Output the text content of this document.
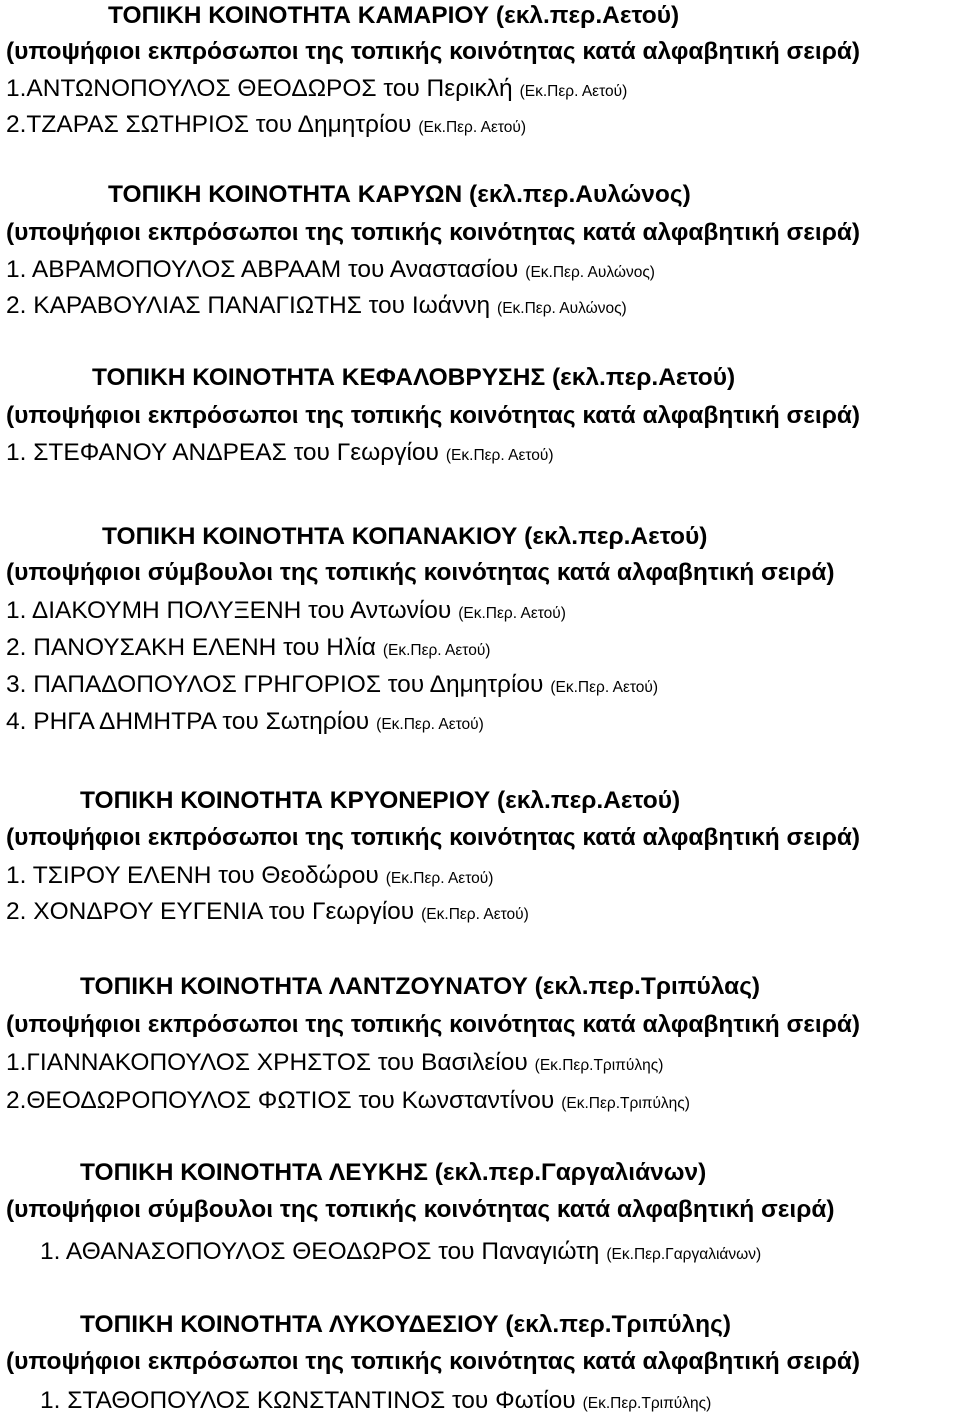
ΤΟΠΙΚΗ ΚΟΙΝΟΤΗΤΑ ΚΑΜΑΡΙΟΥ (εκλ.περ.Αετού)
(υποψήφιοι εκπρόσωποι της τοπικής κοινότητας κατά αλφαβητική σειρά)
1.ΑΝΤΩΝΟΠΟΥΛΟΣ ΘΕΟΔΩΡΟΣ του Περικλή (Εκ.Περ. Αετού)
2.ΤΖΑΡΑΣ ΣΩΤΗΡΙΟΣ του Δημητρίου (Εκ.Περ. Αετού)
ΤΟΠΙΚΗ ΚΟΙΝΟΤΗΤΑ ΚΑΡΥΩΝ (εκλ.περ.Αυλώνος)
(υποψήφιοι εκπρόσωποι της τοπικής κοινότητας κατά αλφαβητική σειρά)
1. ΑΒΡΑΜΟΠΟΥΛΟΣ ΑΒΡΑΑΜ του Αναστασίου (Εκ.Περ. Αυλώνος)
2. ΚΑΡΑΒΟΥΛΙΑΣ ΠΑΝΑΓΙΩΤΗΣ του Ιωάννη (Εκ.Περ. Αυλώνος)
ΤΟΠΙΚΗ ΚΟΙΝΟΤΗΤΑ ΚΕΦΑΛΟΒΡΥΣΗΣ (εκλ.περ.Αετού)
(υποψήφιοι εκπρόσωποι της τοπικής κοινότητας κατά αλφαβητική σειρά)
1. ΣΤΕΦΑΝΟΥ ΑΝΔΡΕΑΣ του Γεωργίου (Εκ.Περ. Αετού)
ΤΟΠΙΚΗ ΚΟΙΝΟΤΗΤΑ ΚΟΠΑΝΑΚΙΟΥ (εκλ.περ.Αετού)
(υποψήφιοι σύμβουλοι της τοπικής κοινότητας κατά αλφαβητική σειρά)
1. ΔΙΑΚΟΥΜΗ ΠΟΛΥΞΕΝΗ του Αντωνίου (Εκ.Περ. Αετού)
2. ΠΑΝΟΥΣΑΚΗ ΕΛΕΝΗ του Ηλία (Εκ.Περ. Αετού)
3. ΠΑΠΑΔΟΠΟΥΛΟΣ ΓΡΗΓΟΡΙΟΣ του Δημητρίου (Εκ.Περ. Αετού)
4. ΡΗΓΑ ΔΗΜΗΤΡΑ του Σωτηρίου (Εκ.Περ. Αετού)
ΤΟΠΙΚΗ ΚΟΙΝΟΤΗΤΑ ΚΡΥΟΝΕΡΙΟΥ (εκλ.περ.Αετού)
(υποψήφιοι εκπρόσωποι της τοπικής κοινότητας κατά αλφαβητική σειρά)
1. ΤΣΙΡΟΥ ΕΛΕΝΗ του Θεοδώρου (Εκ.Περ. Αετού)
2. ΧΟΝΔΡΟΥ ΕΥΓΕΝΙΑ του Γεωργίου (Εκ.Περ. Αετού)
ΤΟΠΙΚΗ ΚΟΙΝΟΤΗΤΑ ΛΑΝΤΖΟΥΝΑΤΟΥ (εκλ.περ.Τριπύλας)
(υποψήφιοι εκπρόσωποι της τοπικής κοινότητας κατά αλφαβητική σειρά)
1.ΓΙΑΝΝΑΚΟΠΟΥΛΟΣ ΧΡΗΣΤΟΣ του Βασιλείου (Εκ.Περ.Τριπύλης)
2.ΘΕΟΔΩΡΟΠΟΥΛΟΣ ΦΩΤΙΟΣ του Κωνσταντίνου (Εκ.Περ.Τριπύλης)
ΤΟΠΙΚΗ ΚΟΙΝΟΤΗΤΑ ΛΕΥΚΗΣ (εκλ.περ.Γαργαλιάνων)
(υποψήφιοι σύμβουλοι της τοπικής κοινότητας κατά αλφαβητική σειρά)
1. ΑΘΑΝΑΣΟΠΟΥΛΟΣ ΘΕΟΔΩΡΟΣ του Παναγιώτη (Εκ.Περ.Γαργαλιάνων)
ΤΟΠΙΚΗ ΚΟΙΝΟΤΗΤΑ ΛΥΚΟΥΔΕΣΙΟΥ (εκλ.περ.Τριπύλης)
(υποψήφιοι εκπρόσωποι της τοπικής κοινότητας κατά αλφαβητική σειρά)
1. ΣΤΑΘΟΠΟΥΛΟΣ ΚΩΝΣΤΑΝΤΙΝΟΣ του Φωτίου (Εκ.Περ.Τριπύλης)
